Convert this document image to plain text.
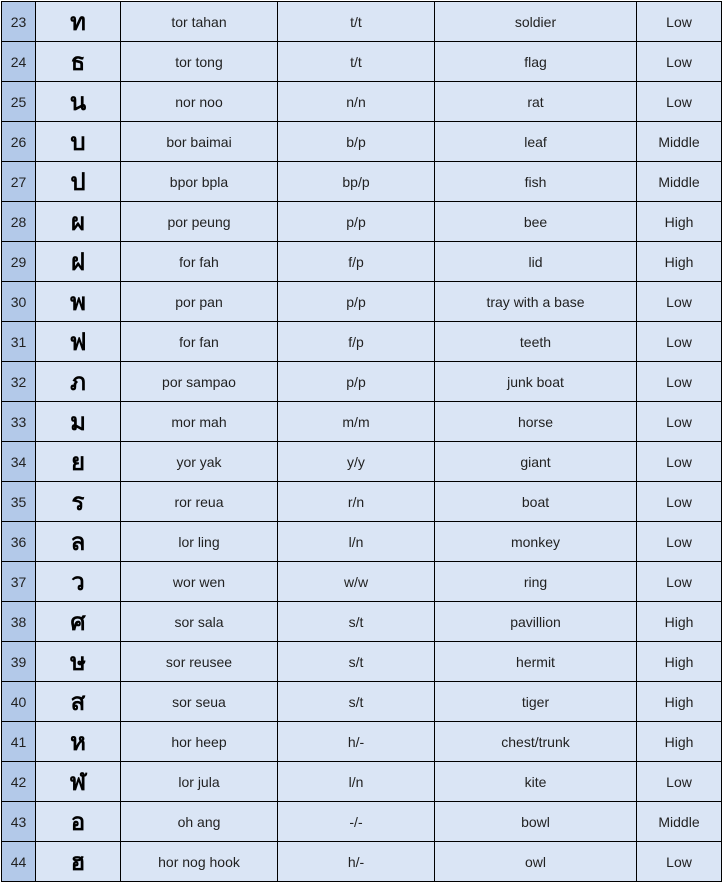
23	ท	tor tahan	t/t	soldier	Low
24	ธ	tor tong	t/t	flag	Low
25	น	nor noo	n/n	rat	Low
26	บ	bor baimai	b/p	leaf	Middle
27	ป	bpor bpla	bp/p	fish	Middle
28	ผ	por peung	p/p	bee	High
29	ฝ	for fah	f/p	lid	High
30	พ	por pan	p/p	tray with a base	Low
31	ฟ	for fan	f/p	teeth	Low
32	ภ	por sampao	p/p	junk boat	Low
33	ม	mor mah	m/m	horse	Low
34	ย	yor yak	y/y	giant	Low
35	ร	ror reua	r/n	boat	Low
36	ล	lor ling	l/n	monkey	Low
37	ว	wor wen	w/w	ring	Low
38	ศ	sor sala	s/t	pavillion	High
39	ษ	sor reusee	s/t	hermit	High
40	ส	sor seua	s/t	tiger	High
41	ห	hor heep	h/-	chest/trunk	High
42	ฬ	lor jula	l/n	kite	Low
43	อ	oh ang	-/-	bowl	Middle
44	ฮ	hor nog hook	h/-	owl	Low
